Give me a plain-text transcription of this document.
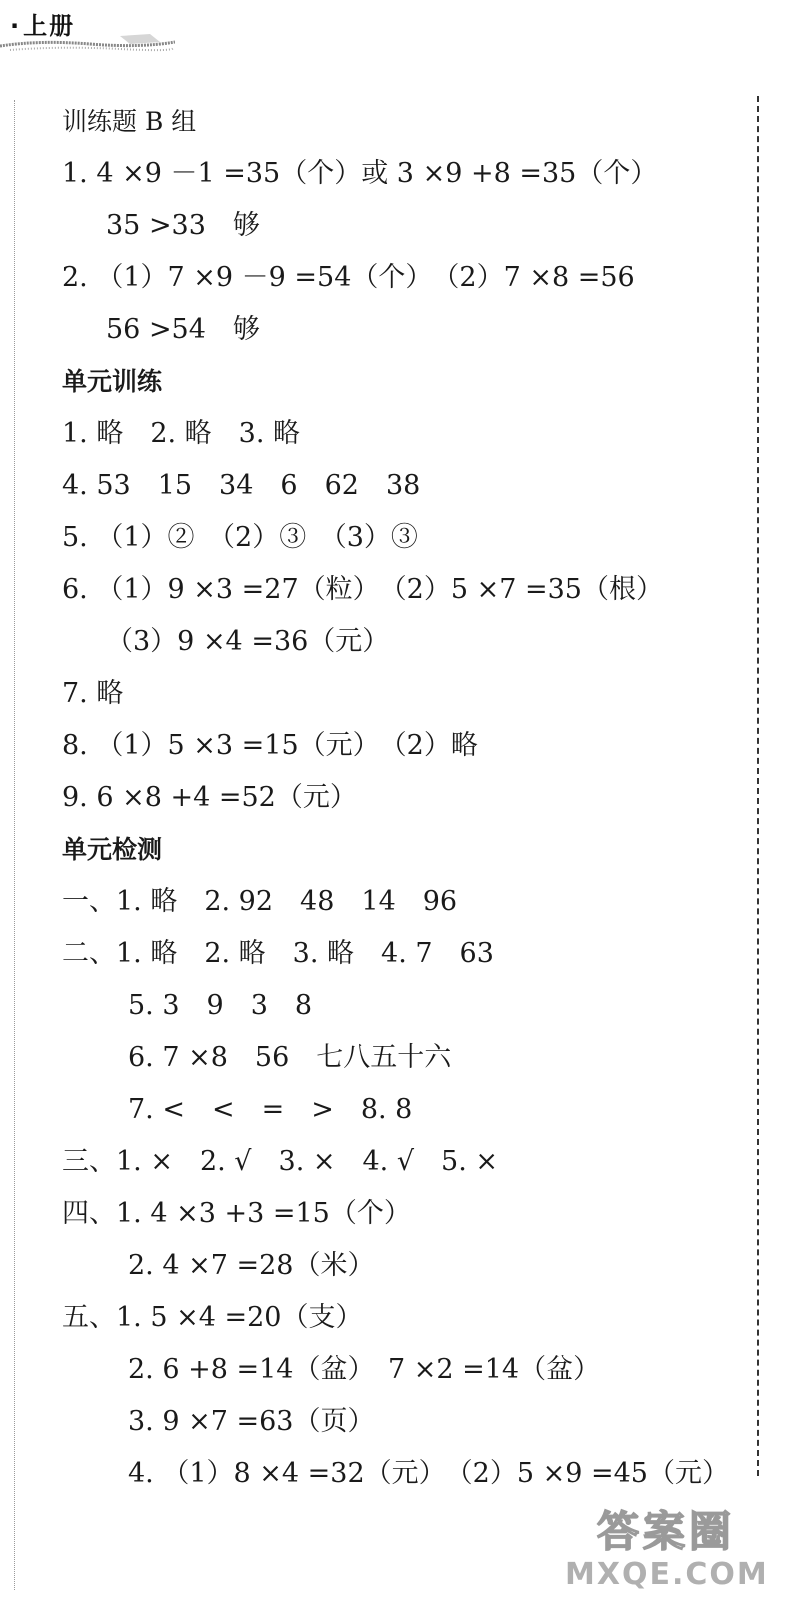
· 上册
训练题 B 组
1. 4 ×9 －1 =35（个）或 3 ×9 +8 =35（个）
35 >33　够
2. （1）7 ×9 －9 =54（个）　（2）7 ×8 =56
56 >54　够
单元训练
1. 略　2. 略　3. 略
4. 53　15　34　6　62　38
5. （1）②　（2）③　（3）③
6. （1）9 ×3 =27（粒）　（2）5 ×7 =35（根）
（3）9 ×4 =36（元）
7. 略
8. （1）5 ×3 =15（元）　（2）略
9. 6 ×8 +4 =52（元）
单元检测
一、1. 略　2. 92　48　14　96
二、1. 略　2. 略　3. 略　4. 7　63
5. 3　9　3　8
6. 7 ×8　56　七八五十六
7. <　<　=　>　8. 8
三、1. ×　2. √　3. ×　4. √　5. ×
四、1. 4 ×3 +3 =15（个）
2. 4 ×7 =28（米）
五、1. 5 ×4 =20（支）
2. 6 +8 =14（盆）　7 ×2 =14（盆）
3. 9 ×7 =63（页）
4. （1）8 ×4 =32（元）　（2）5 ×9 =45（元）
答案圈
MXQE.COM
